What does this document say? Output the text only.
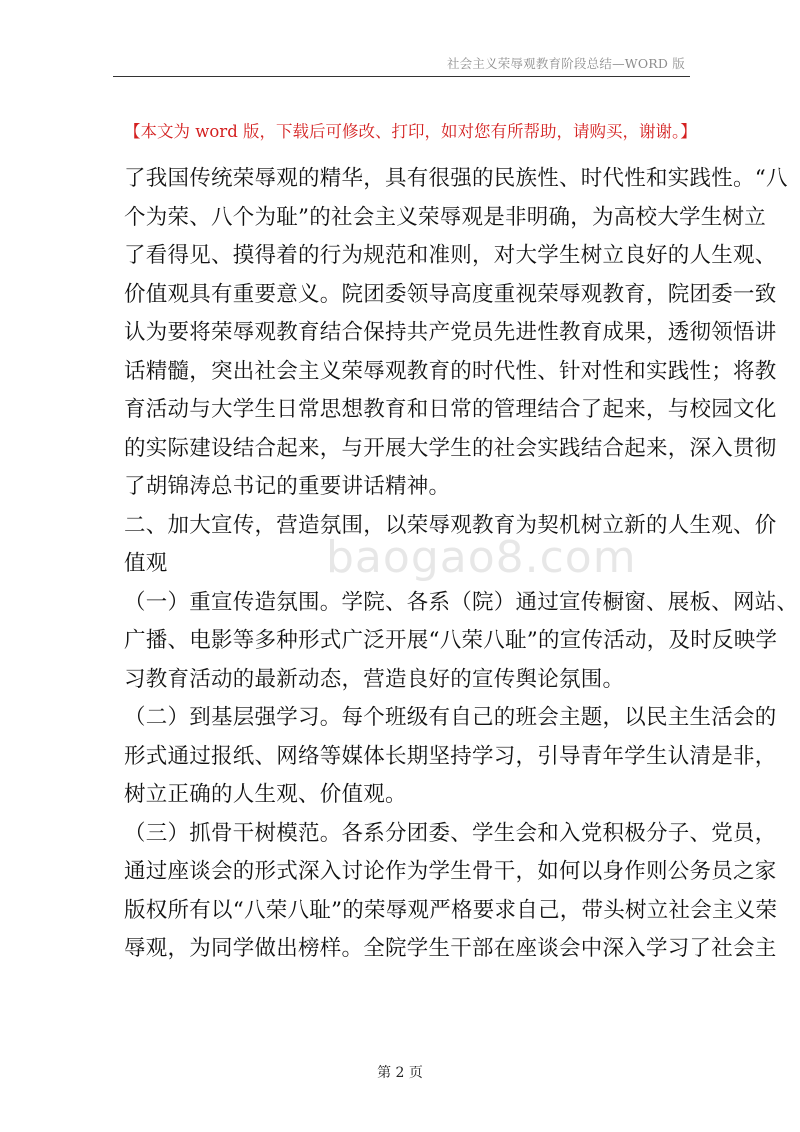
社会主义荣辱观教育阶段总结—WORD 版
【本文为 word 版，下载后可修改、打印，如对您有所帮助，请购买，谢谢。】
baogao8.com
了我国传统荣辱观的精华，具有很强的民族性、时代性和实践性。“八
个为荣、八个为耻”的社会主义荣辱观是非明确，为高校大学生树立
了看得见、摸得着的行为规范和准则，对大学生树立良好的人生观、
价值观具有重要意义。院团委领导高度重视荣辱观教育，院团委一致
认为要将荣辱观教育结合保持共产党员先进性教育成果，透彻领悟讲
话精髓，突出社会主义荣辱观教育的时代性、针对性和实践性；将教
育活动与大学生日常思想教育和日常的管理结合了起来，与校园文化
的实际建设结合起来，与开展大学生的社会实践结合起来，深入贯彻
了胡锦涛总书记的重要讲话精神。
二、加大宣传，营造氛围，以荣辱观教育为契机树立新的人生观、价
值观
（一）重宣传造氛围。学院、各系（院）通过宣传橱窗、展板、网站、
广播、电影等多种形式广泛开展“八荣八耻”的宣传活动，及时反映学
习教育活动的最新动态，营造良好的宣传舆论氛围。
（二）到基层强学习。每个班级有自己的班会主题，以民主生活会的
形式通过报纸、网络等媒体长期坚持学习，引导青年学生认清是非，
树立正确的人生观、价值观。
（三）抓骨干树模范。各系分团委、学生会和入党积极分子、党员，
通过座谈会的形式深入讨论作为学生骨干，如何以身作则公务员之家
版权所有以“八荣八耻”的荣辱观严格要求自己，带头树立社会主义荣
辱观，为同学做出榜样。全院学生干部在座谈会中深入学习了社会主
第 2 页
